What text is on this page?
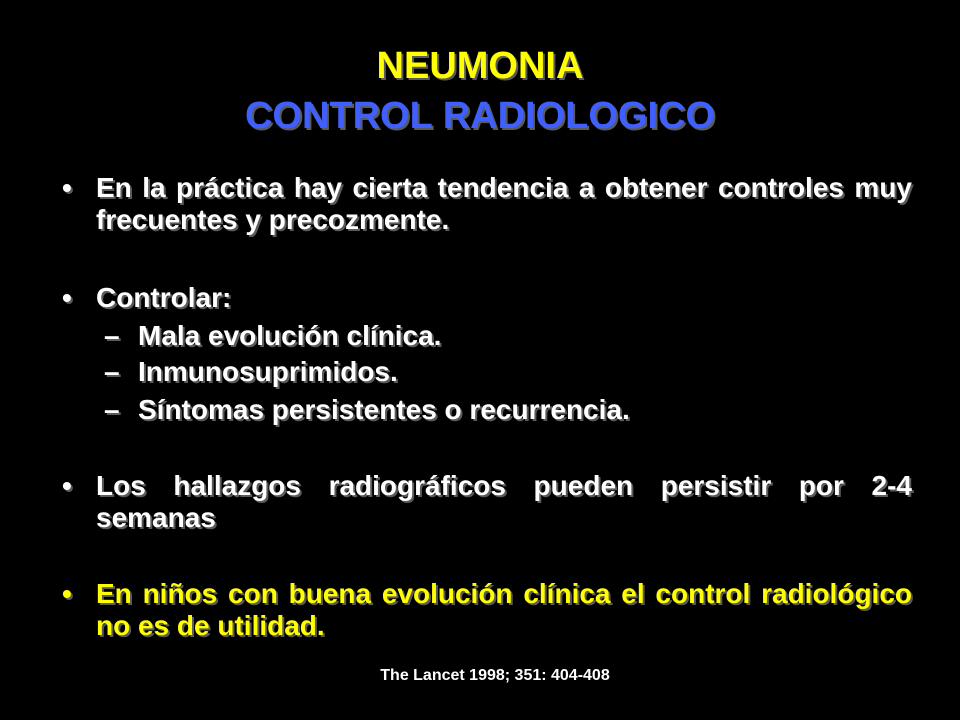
NEUMONIA
CONTROL RADIOLOGICO
• En la práctica hay cierta tendencia a obtener controles muy frecuentes y precozmente.
• Controlar:
– Mala evolución clínica.
– Inmunosuprimidos.
– Síntomas persistentes o recurrencia.
• Los hallazgos radiográficos pueden persistir por 2-4 semanas
• En niños con buena evolución clínica el control radiológico no es de utilidad.
The Lancet 1998; 351: 404-408
